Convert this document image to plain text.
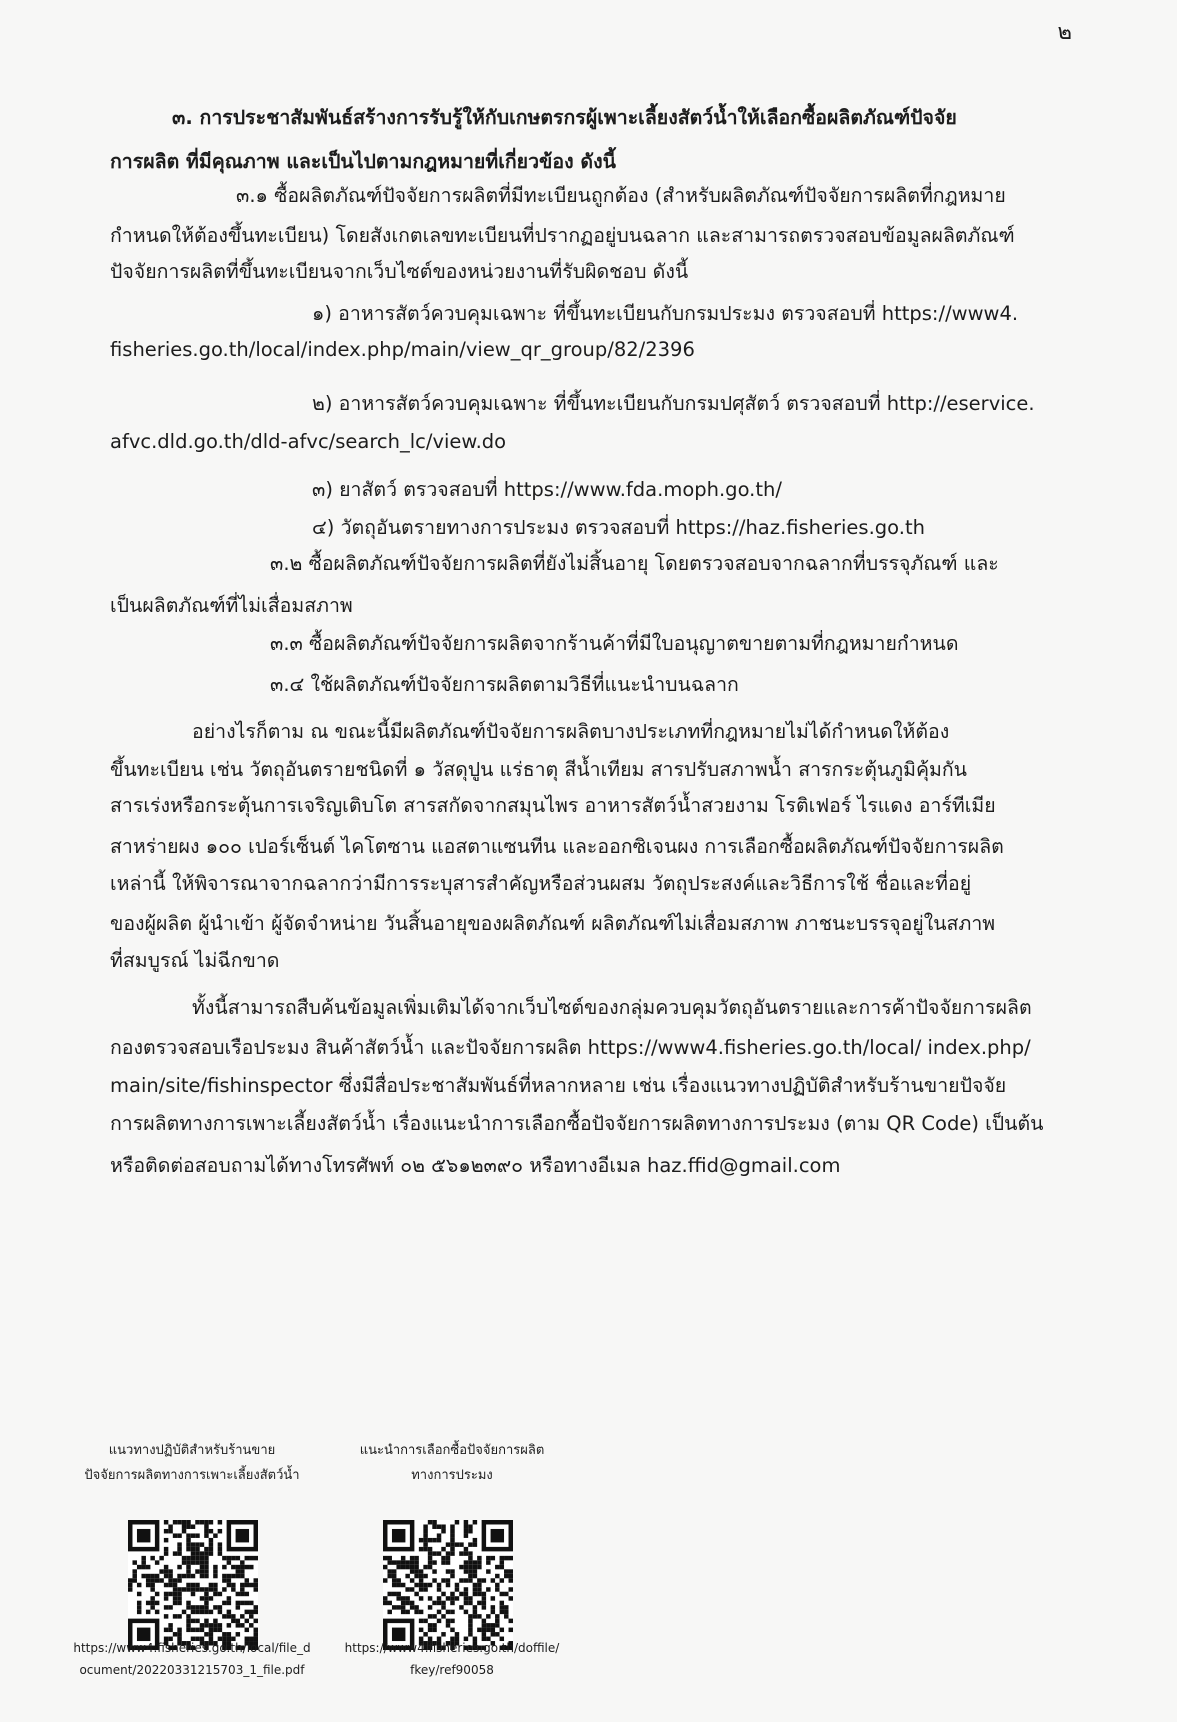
๒
๓. การประชาสัมพันธ์สร้างการรับรู้ให้กับเกษตรกรผู้เพาะเลี้ยงสัตว์น้ำให้เลือกซื้อผลิตภัณฑ์ปัจจัย
การผลิต ที่มีคุณภาพ และเป็นไปตามกฎหมายที่เกี่ยวข้อง ดังนี้
๓.๑ ซื้อผลิตภัณฑ์ปัจจัยการผลิตที่มีทะเบียนถูกต้อง (สำหรับผลิตภัณฑ์ปัจจัยการผลิตที่กฎหมาย
กำหนดให้ต้องขึ้นทะเบียน) โดยสังเกตเลขทะเบียนที่ปรากฏอยู่บนฉลาก และสามารถตรวจสอบข้อมูลผลิตภัณฑ์
ปัจจัยการผลิตที่ขึ้นทะเบียนจากเว็บไซต์ของหน่วยงานที่รับผิดชอบ ดังนี้
๑) อาหารสัตว์ควบคุมเฉพาะ ที่ขึ้นทะเบียนกับกรมประมง ตรวจสอบที่ https://www4.
fisheries.go.th/local/index.php/main/view_qr_group/82/2396
๒) อาหารสัตว์ควบคุมเฉพาะ ที่ขึ้นทะเบียนกับกรมปศุสัตว์ ตรวจสอบที่ http://eservice.
afvc.dld.go.th/dld-afvc/search_lc/view.do
๓) ยาสัตว์ ตรวจสอบที่ https://www.fda.moph.go.th/
๔) วัตถุอันตรายทางการประมง ตรวจสอบที่ https://haz.fisheries.go.th
๓.๒ ซื้อผลิตภัณฑ์ปัจจัยการผลิตที่ยังไม่สิ้นอายุ โดยตรวจสอบจากฉลากที่บรรจุภัณฑ์ และ
เป็นผลิตภัณฑ์ที่ไม่เสื่อมสภาพ
๓.๓ ซื้อผลิตภัณฑ์ปัจจัยการผลิตจากร้านค้าที่มีใบอนุญาตขายตามที่กฎหมายกำหนด
๓.๔ ใช้ผลิตภัณฑ์ปัจจัยการผลิตตามวิธีที่แนะนำบนฉลาก
อย่างไรก็ตาม ณ ขณะนี้มีผลิตภัณฑ์ปัจจัยการผลิตบางประเภทที่กฎหมายไม่ได้กำหนดให้ต้อง
ขึ้นทะเบียน เช่น วัตถุอันตรายชนิดที่ ๑ วัสดุปูน แร่ธาตุ สีน้ำเทียม สารปรับสภาพน้ำ สารกระตุ้นภูมิคุ้มกัน
สารเร่งหรือกระตุ้นการเจริญเติบโต สารสกัดจากสมุนไพร อาหารสัตว์น้ำสวยงาม โรติเฟอร์ ไรแดง อาร์ทีเมีย
สาหร่ายผง ๑๐๐ เปอร์เซ็นต์ ไคโตซาน แอสตาแซนทีน และออกซิเจนผง การเลือกซื้อผลิตภัณฑ์ปัจจัยการผลิต
เหล่านี้ ให้พิจารณาจากฉลากว่ามีการระบุสารสำคัญหรือส่วนผสม วัตถุประสงค์และวิธีการใช้ ชื่อและที่อยู่
ของผู้ผลิต ผู้นำเข้า ผู้จัดจำหน่าย วันสิ้นอายุของผลิตภัณฑ์ ผลิตภัณฑ์ไม่เสื่อมสภาพ ภาชนะบรรจุอยู่ในสภาพ
ที่สมบูรณ์ ไม่ฉีกขาด
ทั้งนี้สามารถสืบค้นข้อมูลเพิ่มเติมได้จากเว็บไซต์ของกลุ่มควบคุมวัตถุอันตรายและการค้าปัจจัยการผลิต
กองตรวจสอบเรือประมง สินค้าสัตว์น้ำ และปัจจัยการผลิต https://www4.fisheries.go.th/local/ index.php/
main/site/fishinspector ซึ่งมีสื่อประชาสัมพันธ์ที่หลากหลาย เช่น เรื่องแนวทางปฏิบัติสำหรับร้านขายปัจจัย
การผลิตทางการเพาะเลี้ยงสัตว์น้ำ เรื่องแนะนำการเลือกซื้อปัจจัยการผลิตทางการประมง (ตาม QR Code) เป็นต้น
หรือติดต่อสอบถามได้ทางโทรศัพท์ ๐๒ ๕๖๑๒๓๙๐ หรือทางอีเมล haz.ffid@gmail.com
แนวทางปฏิบัติสำหรับร้านขาย
ปัจจัยการผลิตทางการเพาะเลี้ยงสัตว์น้ำ
https://www4.fisheries.go.th/local/file_d
ocument/20220331215703_1_file.pdf
แนะนำการเลือกซื้อปัจจัยการผลิต
ทางการประมง
https://www4.fisheries.go.th/doffile/
fkey/ref90058
